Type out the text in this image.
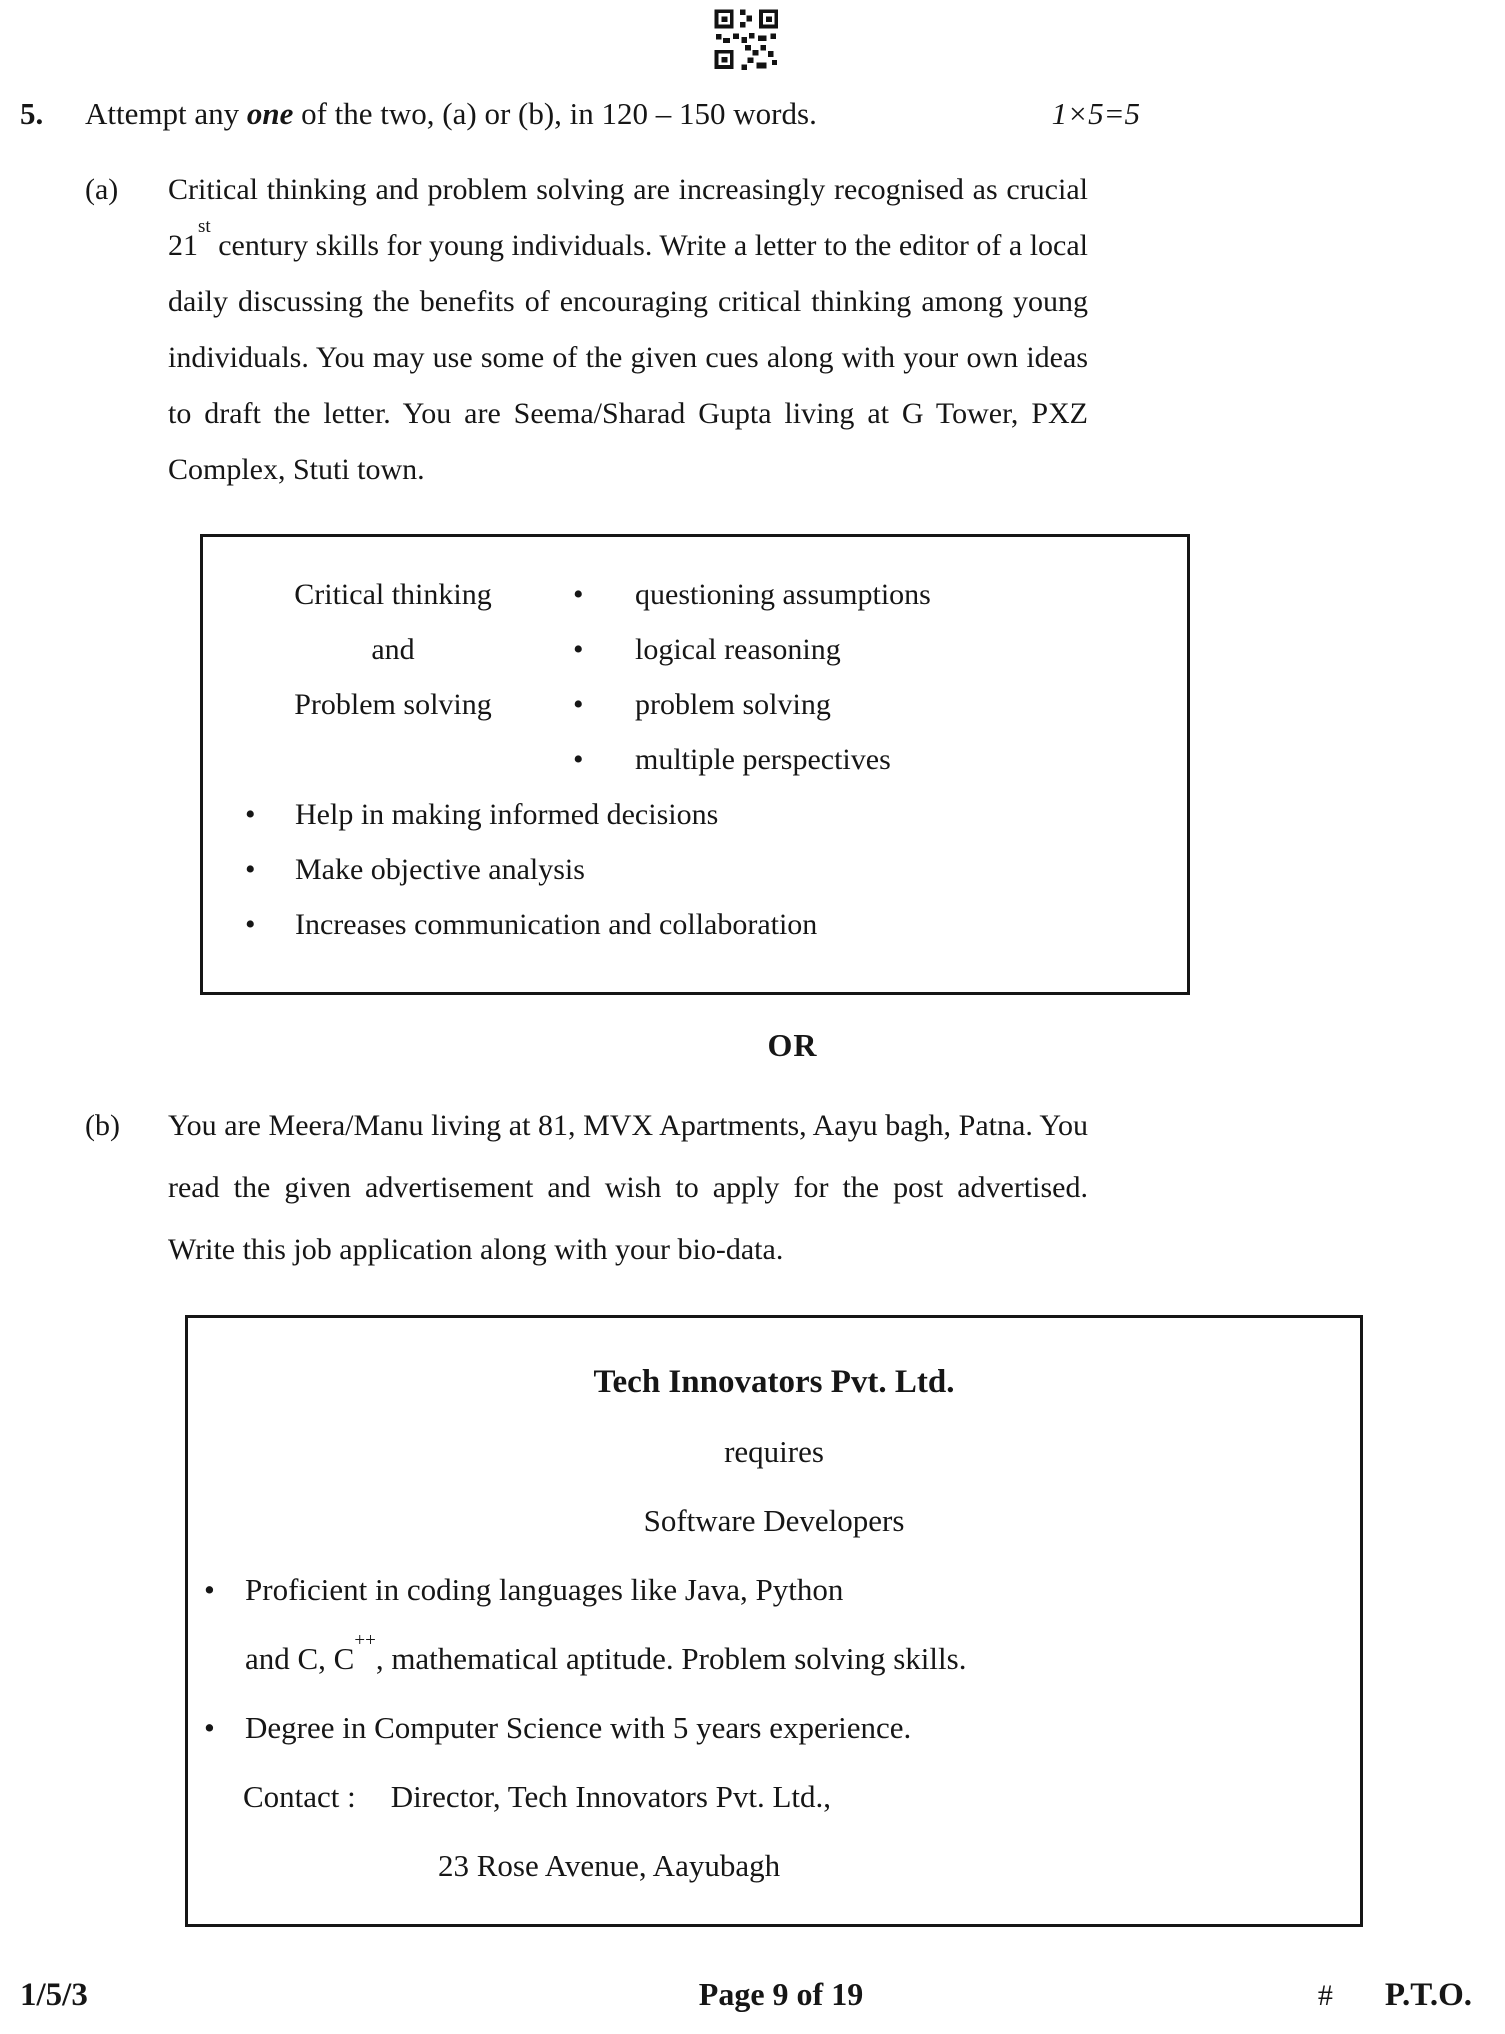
5.	Attempt any one of the two, (a) or (b), in 120 – 150 words.	1×5=5
(a)	Critical thinking and problem solving are increasingly recognised as crucial 21st century skills for young individuals. Write a letter to the editor of a local daily discussing the benefits of encouraging critical thinking among young individuals. You may use some of the given cues along with your own ideas to draft the letter. You are Seema/Sharad Gupta living at G Tower, PXZ Complex, Stuti town.

Critical thinking
and
Problem solving
• questioning assumptions
• logical reasoning
• problem solving
• multiple perspectives
• Help in making informed decisions
• Make objective analysis
• Increases communication and collaboration
OR
(b)	You are Meera/Manu living at 81, MVX Apartments, Aayu bagh, Patna. You read the given advertisement and wish to apply for the post advertised. Write this job application along with your bio-data.

Tech Innovators Pvt. Ltd.
requires
Software Developers
• Proficient in coding languages like Java, Python
and C, C++, mathematical aptitude. Problem solving skills.
• Degree in Computer Science with 5 years experience.
Contact : Director, Tech Innovators Pvt. Ltd.,
23 Rose Avenue, Aayubagh
1/5/3	Page 9 of 19	# P.T.O.
